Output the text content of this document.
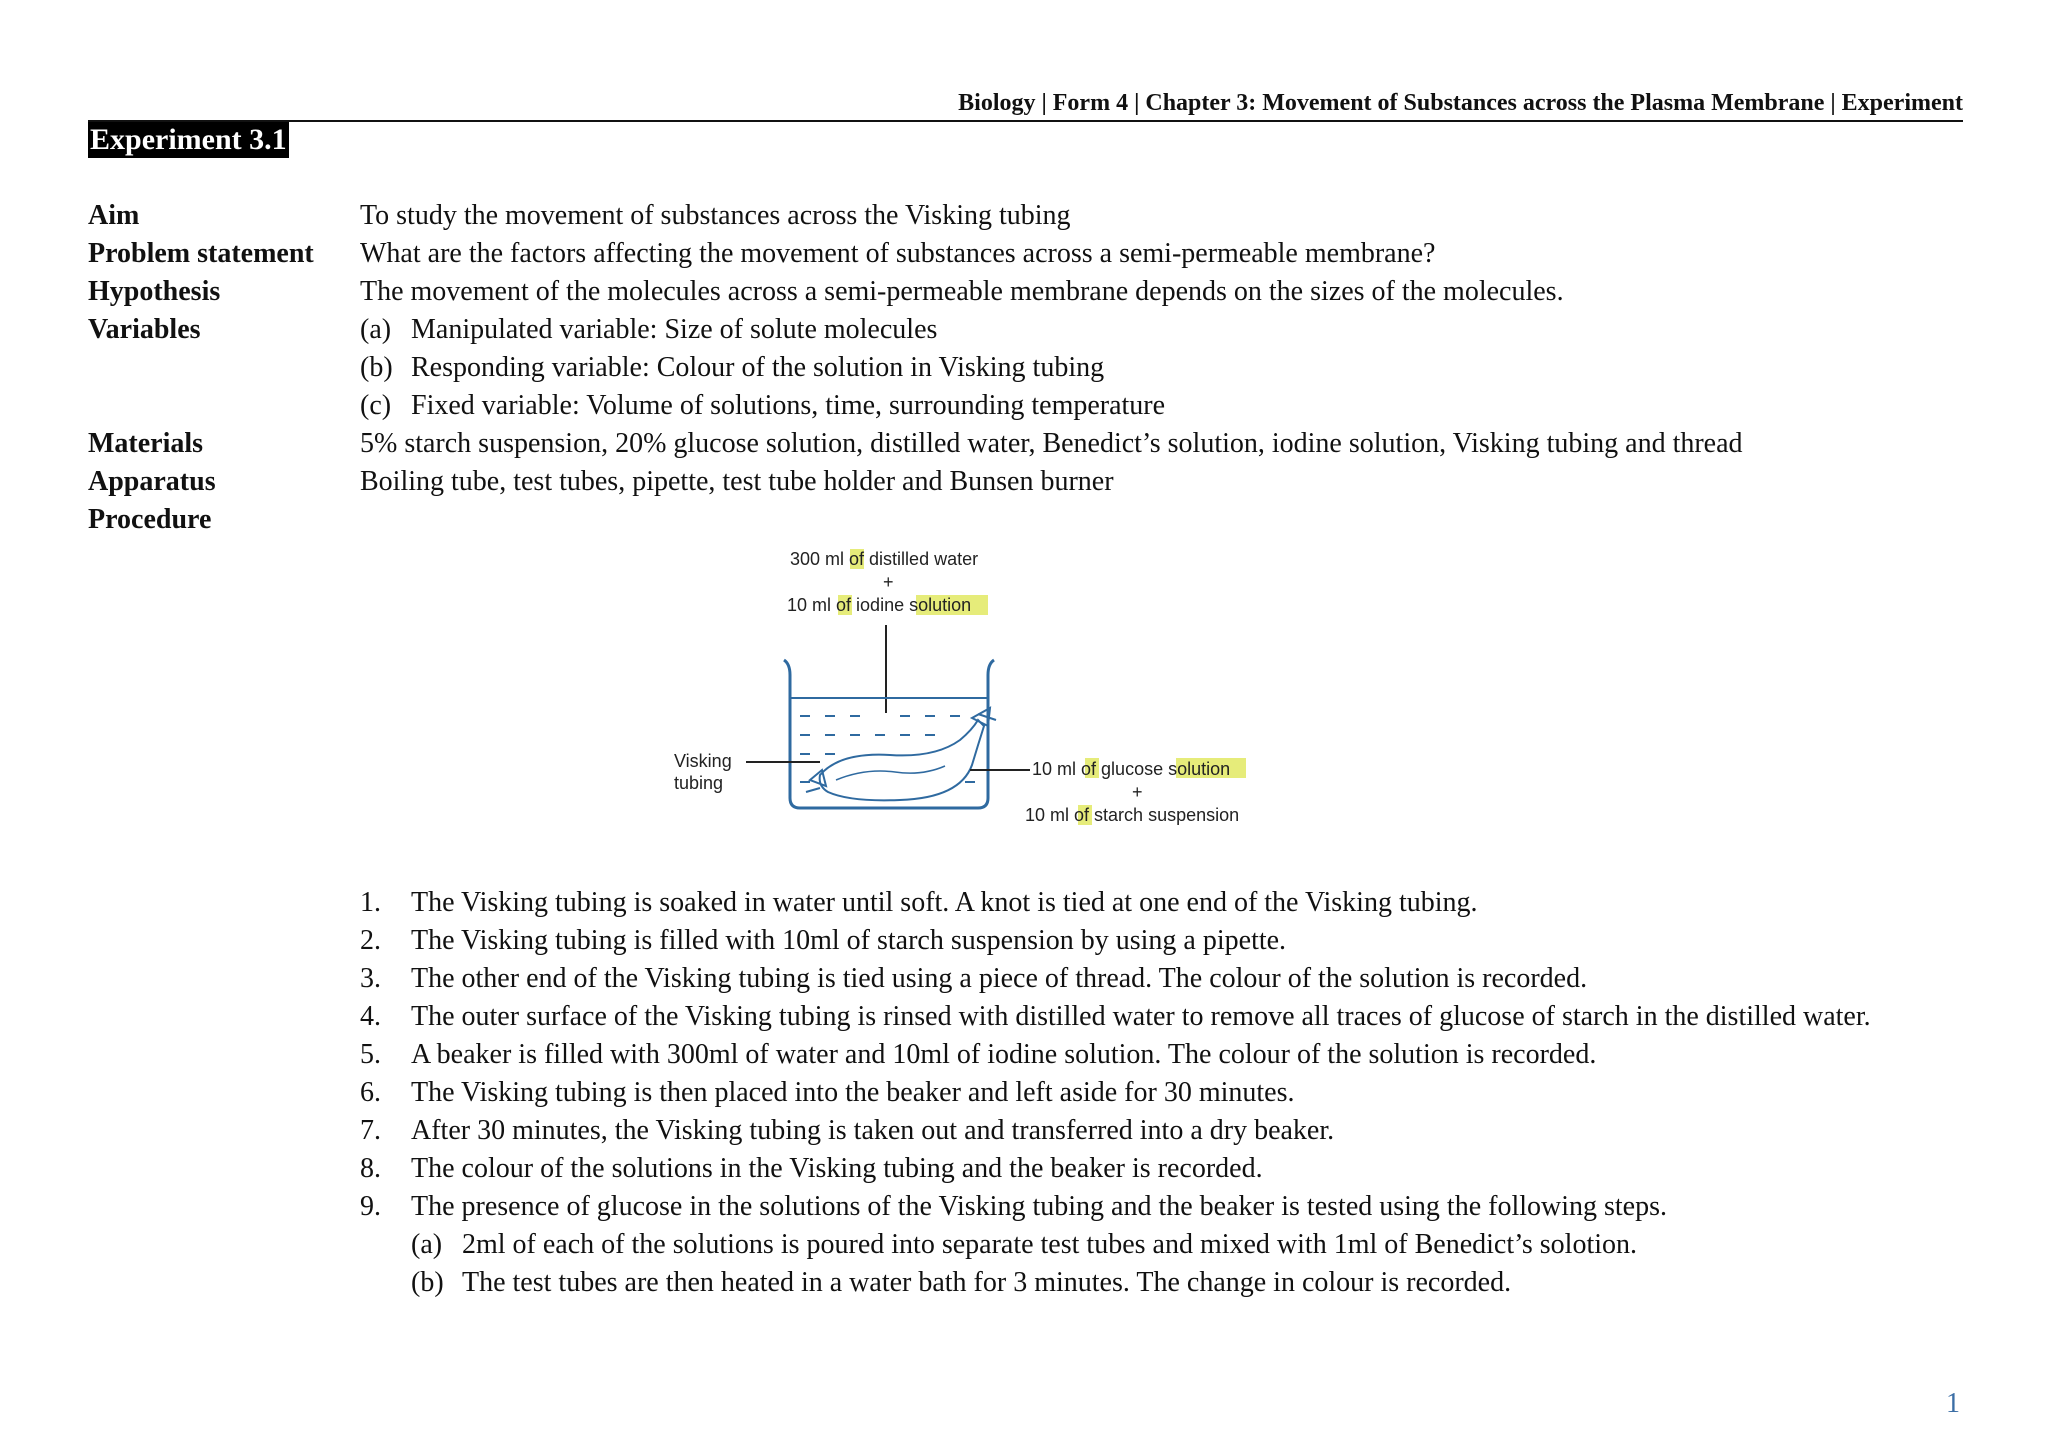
Biology | Form 4 | Chapter 3: Movement of Substances across the Plasma Membrane | Experiment
Experiment 3.1
Aim	To study the movement of substances across the Visking tubing
Problem statement What are the factors affecting the movement of substances across a semi-permeable membrane?
Hypothesis	The movement of the molecules across a semi-permeable membrane depends on the sizes of the molecules.
Variables	(a) Manipulated variable: Size of solute molecules
(b) Responding variable: Colour of the solution in Visking tubing
(c) Fixed variable: Volume of solutions, time, surrounding temperature
Materials	5% starch suspension, 20% glucose solution, distilled water, Benedict’s solution, iodine solution, Visking tubing and thread
Apparatus	Boiling tube, test tubes, pipette, test tube holder and Bunsen burner
Procedure
300 ml of distilled water
+
10 ml of iodine solution
Visking
tubing
10 ml of glucose solution
+
10 ml of starch suspension
1. The Visking tubing is soaked in water until soft. A knot is tied at one end of the Visking tubing.
2. The Visking tubing is filled with 10ml of starch suspension by using a pipette.
3. The other end of the Visking tubing is tied using a piece of thread. The colour of the solution is recorded.
4. The outer surface of the Visking tubing is rinsed with distilled water to remove all traces of glucose of starch in the distilled water.
5. A beaker is filled with 300ml of water and 10ml of iodine solution. The colour of the solution is recorded.
6. The Visking tubing is then placed into the beaker and left aside for 30 minutes.
7. After 30 minutes, the Visking tubing is taken out and transferred into a dry beaker.
8. The colour of the solutions in the Visking tubing and the beaker is recorded.
9. The presence of glucose in the solutions of the Visking tubing and the beaker is tested using the following steps.
(a) 2ml of each of the solutions is poured into separate test tubes and mixed with 1ml of Benedict’s solotion.
(b) The test tubes are then heated in a water bath for 3 minutes. The change in colour is recorded.
1
